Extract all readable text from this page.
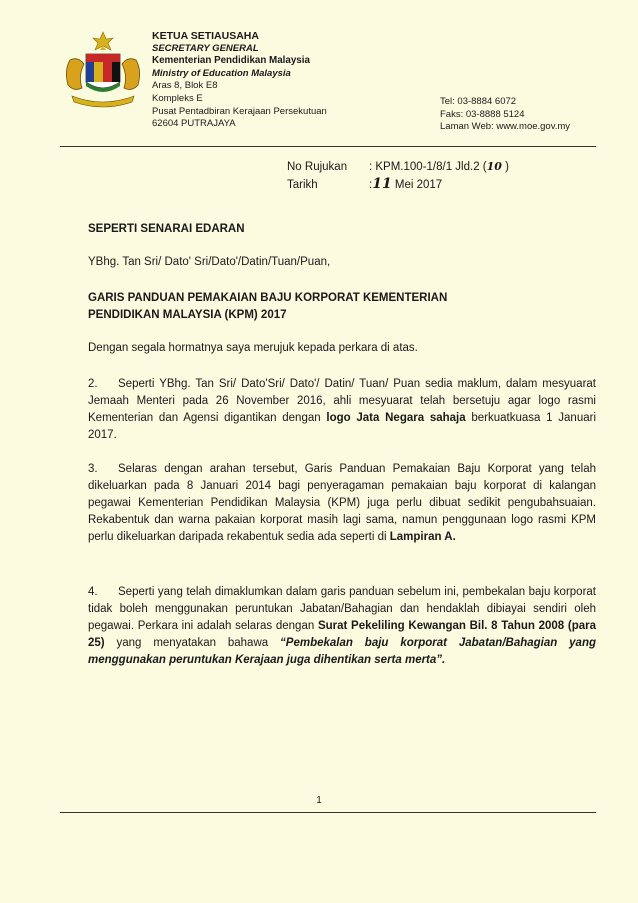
KETUA SETIAUSAHA
SECRETARY GENERAL
Kementerian Pendidikan Malaysia
Ministry of Education Malaysia
Aras 8, Blok E8
Kompleks E
Pusat Pentadbiran Kerajaan Persekutuan
62604 PUTRAJAYA
Tel: 03-8884 6072
Faks: 03-8888 5124
Laman Web: www.moe.gov.my
No Rujukan : KPM.100-1/8/1 Jld.2 (10 )
Tarikh	:11 Mei 2017
SEPERTI SENARAI EDARAN
YBhg. Tan Sri/ Dato' Sri/Dato'/Datin/Tuan/Puan,
GARIS PANDUAN PEMAKAIAN BAJU KORPORAT KEMENTERIAN
PENDIDIKAN MALAYSIA (KPM) 2017
Dengan segala hormatnya saya merujuk kepada perkara di atas.
2. Seperti YBhg. Tan Sri/ Dato'Sri/ Dato'/ Datin/ Tuan/ Puan sedia maklum, dalam mesyuarat Jemaah Menteri pada 26 November 2016, ahli mesyuarat telah bersetuju agar logo rasmi Kementerian dan Agensi digantikan dengan logo Jata Negara sahaja berkuatkuasa 1 Januari 2017.
3. Selaras dengan arahan tersebut, Garis Panduan Pemakaian Baju Korporat yang telah dikeluarkan pada 8 Januari 2014 bagi penyeragaman pemakaian baju korporat di kalangan pegawai Kementerian Pendidikan Malaysia (KPM) juga perlu dibuat sedikit pengubahsuaian. Rekabentuk dan warna pakaian korporat masih lagi sama, namun penggunaan logo rasmi KPM perlu dikeluarkan daripada rekabentuk sedia ada seperti di Lampiran A.
4. Seperti yang telah dimaklumkan dalam garis panduan sebelum ini, pembekalan baju korporat tidak boleh menggunakan peruntukan Jabatan/Bahagian dan hendaklah dibiayai sendiri oleh pegawai. Perkara ini adalah selaras dengan Surat Pekeliling Kewangan Bil. 8 Tahun 2008 (para 25) yang menyatakan bahawa “Pembekalan baju korporat Jabatan/Bahagian yang menggunakan peruntukan Kerajaan juga dihentikan serta merta”.
1
